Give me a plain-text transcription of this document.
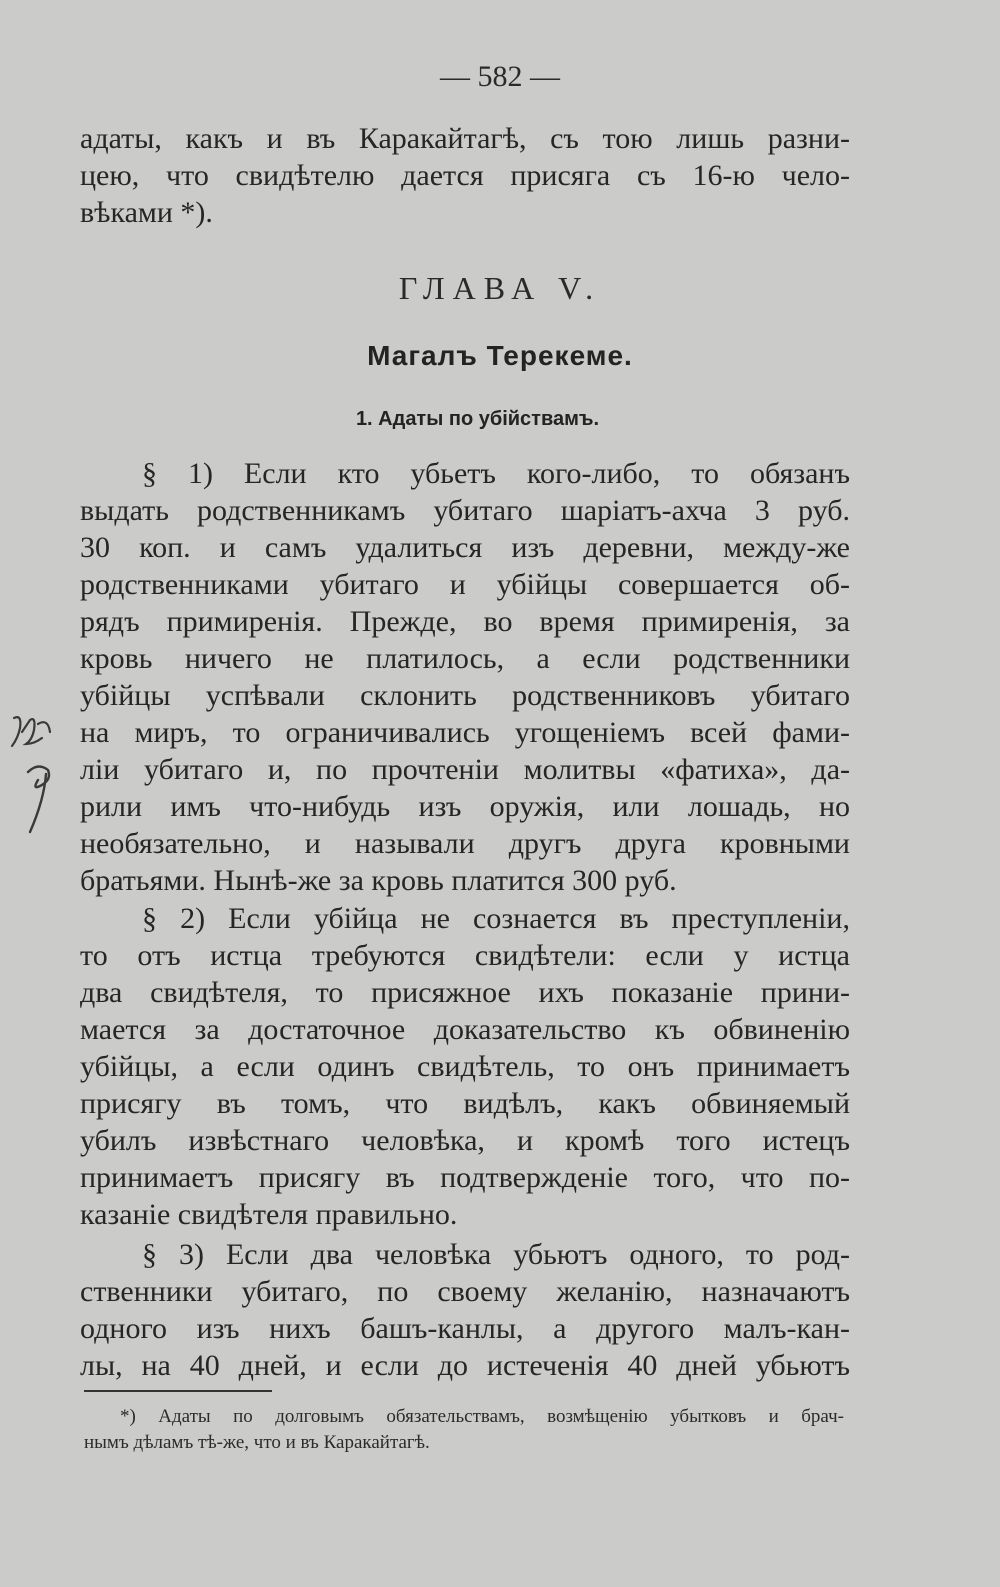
— 582 —
адаты, какъ и въ Каракайтагѣ, съ тою лишь разни-
цею, что свидѣтелю дается присяга съ 16-ю чело-
вѣками *).
ГЛАВА V.
Магалъ Терекеме.
1. Адаты по убійствамъ.
§ 1) Если кто убьетъ кого-либо, то обязанъ
выдать родственникамъ убитаго шаріатъ-ахча 3 руб.
30 коп. и самъ удалиться изъ деревни, между-же
родственниками убитаго и убійцы совершается об-
рядъ примиренія. Прежде, во время примиренія, за
кровь ничего не платилось, а если родственники
убійцы успѣвали склонить родственниковъ убитаго
на миръ, то ограничивались угощеніемъ всей фами-
ліи убитаго и, по прочтеніи молитвы «фатиха», да-
рили имъ что-нибудь изъ оружія, или лошадь, но
необязательно, и называли другъ друга кровными
братьями. Нынѣ-же за кровь платится 300 руб.
§ 2) Если убійца не сознается въ преступленіи,
то отъ истца требуются свидѣтели: если у истца
два свидѣтеля, то присяжное ихъ показаніе прини-
мается за достаточное доказательство къ обвиненію
убійцы, а если одинъ свидѣтель, то онъ принимаетъ
присягу въ томъ, что видѣлъ, какъ обвиняемый
убилъ извѣстнаго человѣка, и кромѣ того истецъ
принимаетъ присягу въ подтвержденіе того, что по-
казаніе свидѣтеля правильно.
§ 3) Если два человѣка убьютъ одного, то род-
ственники убитаго, по своему желанію, назначаютъ
одного изъ нихъ башъ-канлы, а другого малъ-кан-
лы, на 40 дней, и если до истеченія 40 дней убьютъ
*) Адаты по долговымъ обязательствамъ, возмѣщенію убытковъ и брач-
нымъ дѣламъ тѣ-же, что и въ Каракайтагѣ.
